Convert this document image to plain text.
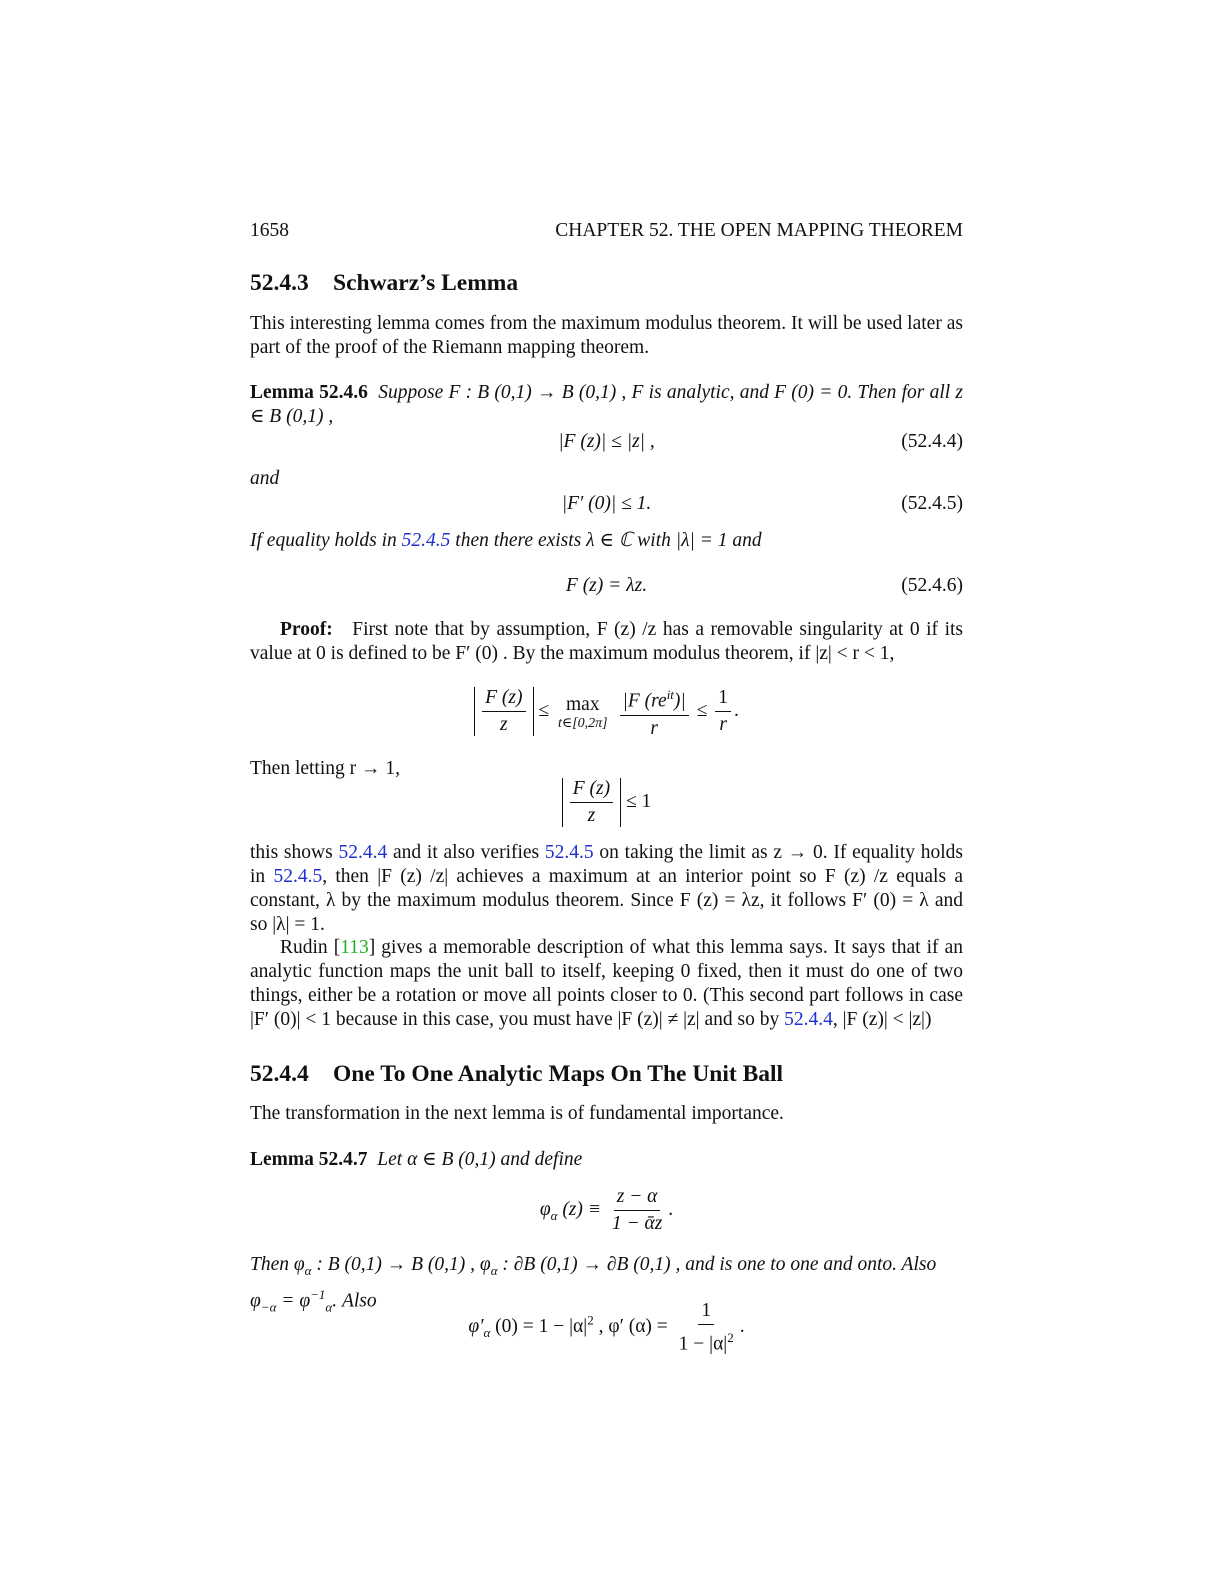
1658	CHAPTER 52. THE OPEN MAPPING THEOREM
52.4.3 Schwarz’s Lemma

This interesting lemma comes from the maximum modulus theorem. It will be used later as part of the proof of the Riemann mapping theorem.

Lemma 52.4.6 Suppose F : B (0,1) → B (0,1) , F is analytic, and F (0) = 0. Then for all z ∈ B (0,1) ,

|F (z)| ≤ |z| ,	(52.4.4)

and

|F′ (0)| ≤ 1.	(52.4.5)

If equality holds in 52.4.5 then there exists λ ∈ ℂ with |λ| = 1 and

F (z) = λz.	(52.4.6)

Proof: First note that by assumption, F (z) /z has a removable singularity at 0 if its value at 0 is defined to be F′ (0) . By the maximum modulus theorem, if |z| < r < 1,

$\frac{F (z)}{z} \le \max$
t∈[0,2π]
$\frac{|F (re^{it})|}{r} \le \frac{1}{r}$ .

Then letting r → 1,

$\frac{F (z)}{z} \le 1$

this shows 52.4.4 and it also verifies 52.4.5 on taking the limit as z → 0. If equality holds in 52.4.5, then |F (z) /z| achieves a maximum at an interior point so F (z) /z equals a constant, λ by the maximum modulus theorem. Since F (z) = λz, it follows F′ (0) = λ and so |λ| = 1.

Rudin [113] gives a memorable description of what this lemma says. It says that if an analytic function maps the unit ball to itself, keeping 0 fixed, then it must do one of two things, either be a rotation or move all points closer to 0. (This second part follows in case |F′ (0)| < 1 because in this case, you must have |F (z)| ≠ |z| and so by 52.4.4, |F (z)| < |z|)

52.4.4 One To One Analytic Maps On The Unit Ball

The transformation in the next lemma is of fundamental importance.

Lemma 52.4.7 Let α ∈ B (0,1) and define

$\varphi_\alpha$ $(z) \equiv \frac{z - \alpha}{\text{1 − ᾱz}}$ .

Then $\varphi_\alpha$ : B (0,1) → B (0,1) , $\varphi_\alpha$ : ∂B (0,1) → ∂B (0,1) , and is one to one and onto. Also
$\varphi_{-\alpha} = \varphi^{-1}_\alpha$. Also

$\varphi'_\alpha$ $(0) = 1 - |\alpha|^2$ , φ′ $(\alpha) = \frac{1}{1 - |\alpha|^2}$ .
